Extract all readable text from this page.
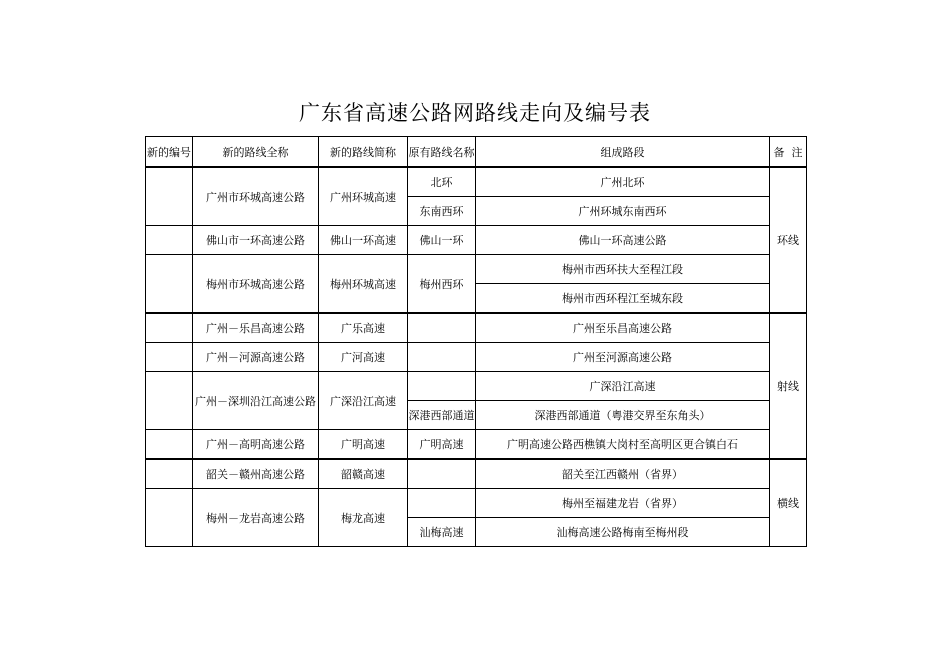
广东省高速公路网路线走向及编号表
新的编号	新的路线全称	新的路线简称	原有路线名称	组成路段	备  注
	广州市环城高速公路	广州环城高速	北环	广州北环	环线
			东南西环	广州环城东南西环	
	佛山市一环高速公路	佛山一环高速	佛山一环	佛山一环高速公路	
	梅州市环城高速公路	梅州环城高速	梅州西环	梅州市西环扶大至程江段	
				梅州市西环程江至城东段	
	广州－乐昌高速公路	广乐高速		广州至乐昌高速公路	射线
	广州－河源高速公路	广河高速		广州至河源高速公路	
	广州－深圳沿江高速公路	广深沿江高速		广深沿江高速	
			深港西部通道	深港西部通道（粤港交界至东角头）	
	广州－高明高速公路	广明高速	广明高速	广明高速公路西樵镇大岗村至高明区更合镇白石	
	韶关－赣州高速公路	韶赣高速		韶关至江西赣州（省界）	横线
	梅州－龙岩高速公路	梅龙高速		梅州至福建龙岩（省界）	
			汕梅高速	汕梅高速公路梅南至梅州段	
